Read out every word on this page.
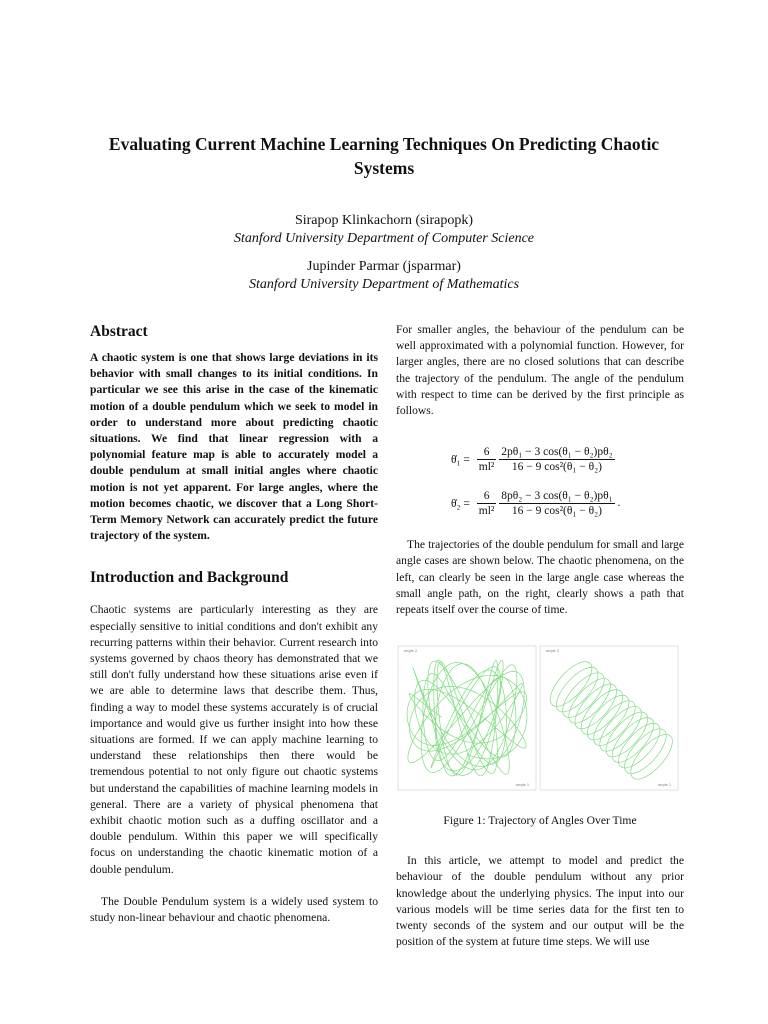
Evaluating Current Machine Learning Techniques On Predicting Chaotic Systems
Sirapop Klinkachorn (sirapopk)
Stanford University Department of Computer Science
Jupinder Parmar (jsparmar)
Stanford University Department of Mathematics
Abstract

A chaotic system is one that shows large deviations in its behavior with small changes to its initial conditions. In particular we see this arise in the case of the kinematic motion of a double pendulum which we seek to model in order to understand more about predicting chaotic situations. We find that linear regression with a polynomial feature map is able to accurately model a double pendulum at small initial angles where chaotic motion is not yet apparent. For large angles, where the motion becomes chaotic, we discover that a Long Short-Term Memory Network can accurately predict the future trajectory of the system.

Introduction and Background

Chaotic systems are particularly interesting as they are especially sensitive to initial conditions and don't exhibit any recurring patterns within their behavior. Current research into systems governed by chaos theory has demonstrated that we still don't fully understand how these situations arise even if we are able to determine laws that describe them. Thus, finding a way to model these systems accurately is of crucial importance and would give us further insight into how these situations are formed. If we can apply machine learning to understand these relationships then there would be tremendous potential to not only figure out chaotic systems but understand the capabilities of machine learning models in general. There are a variety of physical phenomena that exhibit chaotic motion such as a duffing oscillator and a double pendulum. Within this paper we will specifically focus on understanding the chaotic kinematic motion of a double pendulum.

The Double Pendulum system is a widely used system to study non-linear behaviour and chaotic phenomena.

For smaller angles, the behaviour of the pendulum can be well approximated with a polynomial function. However, for larger angles, there are no closed solutions that can describe the trajectory of the pendulum. The angle of the pendulum with respect to time can be derived by the first principle as follows.

θ̇₁ = $\frac{6}{\text{ml²}}$
$\frac{\text{2pθ₁ − 3 cos(θ₁ − θ₂)pθ₂}}{\text{16 − 9 cos²(θ₁ − θ₂)}}$
θ̇₂ = $\frac{6}{\text{ml²}}$
$\frac{\text{8pθ₂ − 3 cos(θ₁ − θ₂)pθ₁}}{\text{16 − 9 cos²(θ₁ − θ₂)}}$ .

The trajectories of the double pendulum for small and large angle cases are shown below. The chaotic phenomena, on the left, can clearly be seen in the large angle case whereas the small angle path, on the right, clearly shows a path that repeats itself over the course of time.

angle 2	angle 2
angle 1
angle 1
Figure 1: Trajectory of Angles Over Time

In this article, we attempt to model and predict the behaviour of the double pendulum without any prior knowledge about the underlying physics. The input into our various models will be time series data for the first ten to twenty seconds of the system and our output will be the position of the system at future time steps. We will use
